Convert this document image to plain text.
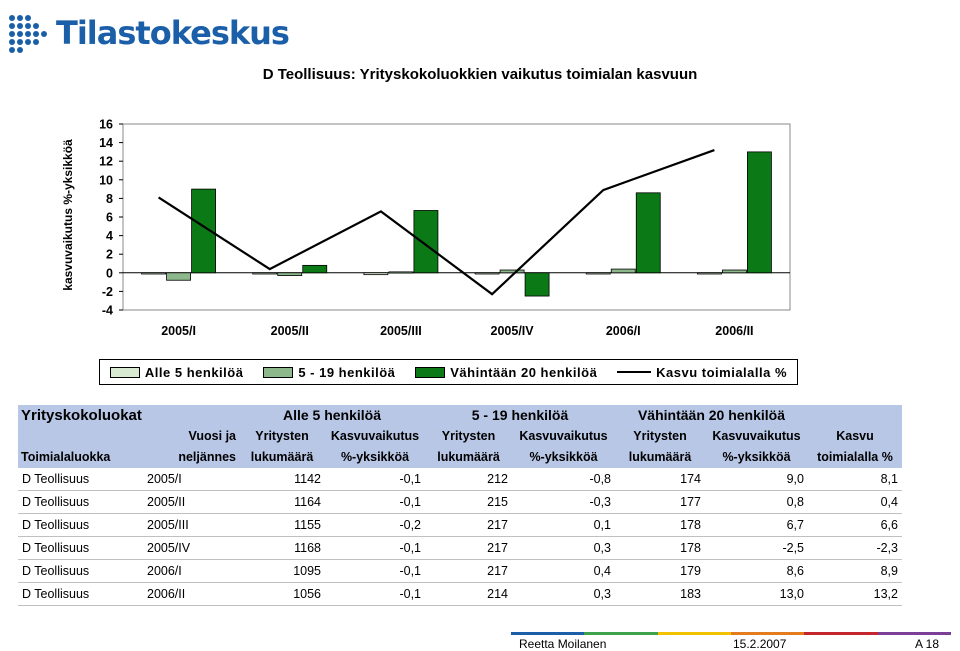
Tilastokeskus
D Teollisuus: Yrityskokoluokkien vaikutus toimialan kasvuun
kasvuvaikutus %-yksikköä
16
14
12
10
8
6
4
2
0
-2
-4
2005/I	2005/II	2005/III	2005/IV	2006/I	2006/II
Alle 5 henkilöä	5 - 19 henkilöä	Vähintään 20 henkilöä	Kasvu toimialalla %
Yrityskokoluokat		Alle 5 henkilöä		5 - 19 henkilöä		Vähintään 20 henkilöä		
	Vuosi ja	Yritysten	Kasvuvaikutus	Yritysten	Kasvuvaikutus	Yritysten	Kasvuvaikutus	Kasvu
Toimialaluokka	neljännes	lukumäärä	%-yksikköä	lukumäärä	%-yksikköä	lukumäärä	%-yksikköä	toimialalla %
D Teollisuus	2005/I	1142	-0,1	212	-0,8	174	9,0	8,1
D Teollisuus	2005/II	1164	-0,1	215	-0,3	177	0,8	0,4
D Teollisuus	2005/III	1155	-0,2	217	0,1	178	6,7	6,6
D Teollisuus	2005/IV	1168	-0,1	217	0,3	178	-2,5	-2,3
D Teollisuus	2006/I	1095	-0,1	217	0,4	179	8,6	8,9
D Teollisuus	2006/II	1056	-0,1	214	0,3	183	13,0	13,2
Reetta Moilanen	15.2.2007	A 18
